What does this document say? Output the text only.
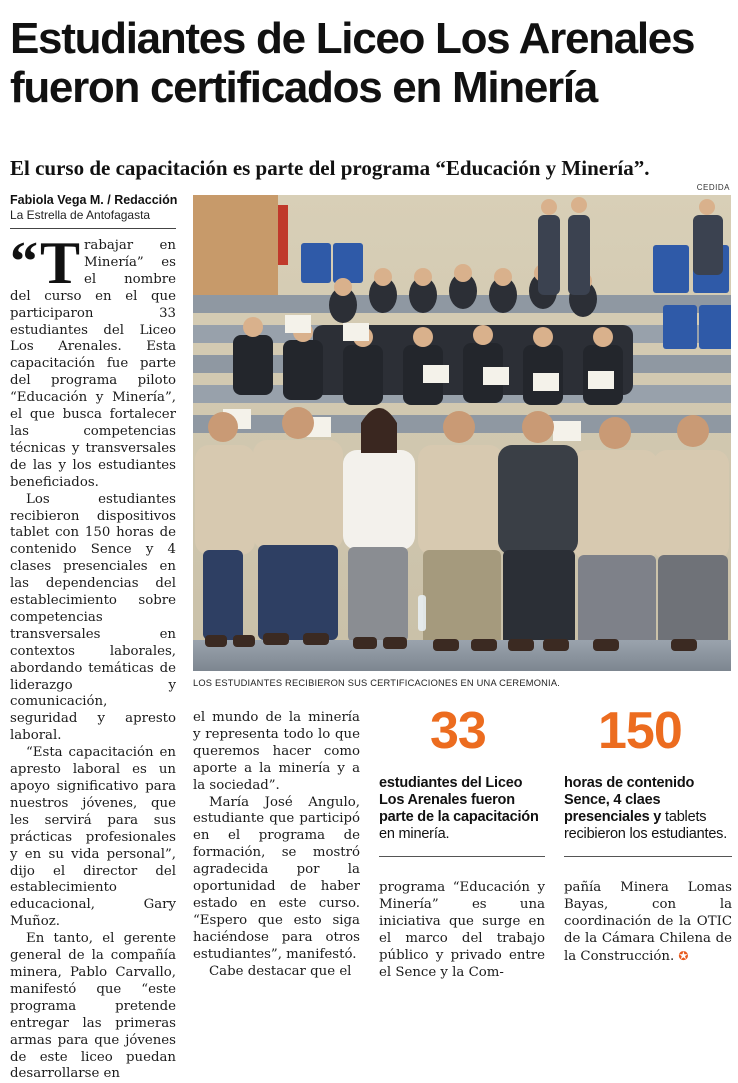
Estudiantes de Liceo Los Arenales fueron certificados en Minería
El curso de capacitación es parte del programa “Educación y Minería”.
Fabiola Vega M. / Redacción
La Estrella de Antofagasta
CEDIDA

LOS ESTUDIANTES RECIBIERON SUS CERTIFICACIONES EN UNA CEREMONIA.

“ T rabajar en Minería” es el nombre del curso en el que participaron 33 estudiantes del Liceo Los Arenales. Esta capacitación fue parte del programa piloto “Educación y Minería”, el que busca fortalecer las competencias técnicas y transversales de las y los estudiantes beneficiados.

Los estudiantes recibieron dispositivos tablet con 150 horas de contenido Sence y 4 clases presenciales en las dependencias del establecimiento sobre competencias transversales en contextos laborales, abordando temáticas de liderazgo y comunicación, seguridad y apresto laboral.

“Esta capacitación en apresto laboral es un apoyo significativo para nuestros jóvenes, que les servirá para sus prácticas profesionales y en su vida personal”, dijo el director del establecimiento educacional, Gary Muñoz.

En tanto, el gerente general de la compañía minera, Pablo Carvallo, manifestó que “este programa pretende entregar las primeras armas para que jóvenes de este liceo puedan desarrollarse en

el mundo de la minería y representa todo lo que queremos hacer como aporte a la minería y a la sociedad”.

María José Angulo, estudiante que participó en el programa de formación, se mostró agradecida por la oportunidad de haber estado en este curso. “Espero que esto siga haciéndose para otros estudiantes”, manifestó.

Cabe destacar que el

33

estudiantes del Liceo Los Arenales fueron parte de la capacitación en minería.

150

horas de contenido Sence, 4 claes presenciales y tablets recibieron los estudiantes.

programa “Educación y Minería” es una iniciativa que surge en el marco del trabajo público y privado entre el Sence y la Com-

pañía Minera Lomas Bayas, con la coordinación de la OTIC de la Cámara Chilena de la Construcción. ✪
